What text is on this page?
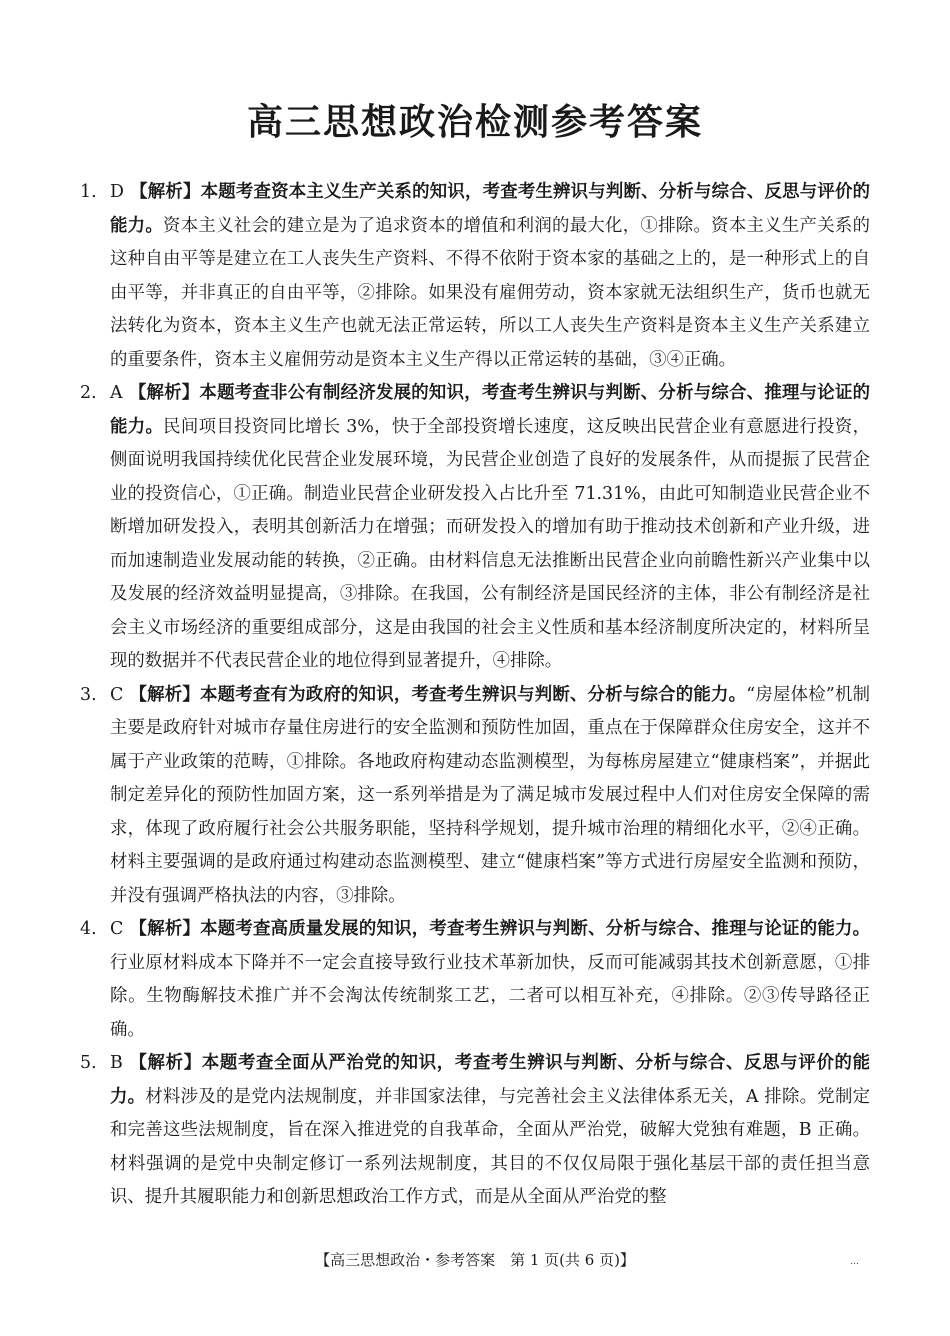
高三思想政治检测参考答案
1. D 【解析】本题考查资本主义生产关系的知识，考查考生辨识与判断、分析与综合、反思与评价的能力。资本主义社会的建立是为了追求资本的增值和利润的最大化，①排除。资本主义生产关系的这种自由平等是建立在工人丧失生产资料、不得不依附于资本家的基础之上的，是一种形式上的自由平等，并非真正的自由平等，②排除。如果没有雇佣劳动，资本家就无法组织生产，货币也就无法转化为资本，资本主义生产也就无法正常运转，所以工人丧失生产资料是资本主义生产关系建立的重要条件，资本主义雇佣劳动是资本主义生产得以正常运转的基础，③④正确。
2. A 【解析】本题考查非公有制经济发展的知识，考查考生辨识与判断、分析与综合、推理与论证的能力。民间项目投资同比增长 3%，快于全部投资增长速度，这反映出民营企业有意愿进行投资，侧面说明我国持续优化民营企业发展环境，为民营企业创造了良好的发展条件，从而提振了民营企业的投资信心，①正确。制造业民营企业研发投入占比升至 71.31%，由此可知制造业民营企业不断增加研发投入，表明其创新活力在增强；而研发投入的增加有助于推动技术创新和产业升级，进而加速制造业发展动能的转换，②正确。由材料信息无法推断出民营企业向前瞻性新兴产业集中以及发展的经济效益明显提高，③排除。在我国，公有制经济是国民经济的主体，非公有制经济是社会主义市场经济的重要组成部分，这是由我国的社会主义性质和基本经济制度所决定的，材料所呈现的数据并不代表民营企业的地位得到显著提升，④排除。
3. C 【解析】本题考查有为政府的知识，考查考生辨识与判断、分析与综合的能力。“房屋体检”机制主要是政府针对城市存量住房进行的安全监测和预防性加固，重点在于保障群众住房安全，这并不属于产业政策的范畴，①排除。各地政府构建动态监测模型，为每栋房屋建立“健康档案”，并据此制定差异化的预防性加固方案，这一系列举措是为了满足城市发展过程中人们对住房安全保障的需求，体现了政府履行社会公共服务职能，坚持科学规划，提升城市治理的精细化水平，②④正确。材料主要强调的是政府通过构建动态监测模型、建立“健康档案”等方式进行房屋安全监测和预防，并没有强调严格执法的内容，③排除。
4. C 【解析】本题考查高质量发展的知识，考查考生辨识与判断、分析与综合、推理与论证的能力。行业原材料成本下降并不一定会直接导致行业技术革新加快，反而可能减弱其技术创新意愿，①排除。生物酶解技术推广并不会淘汰传统制浆工艺，二者可以相互补充，④排除。②③传导路径正确。
5. B 【解析】本题考查全面从严治党的知识，考查考生辨识与判断、分析与综合、反思与评价的能力。材料涉及的是党内法规制度，并非国家法律，与完善社会主义法律体系无关，A 排除。党制定和完善这些法规制度，旨在深入推进党的自我革命，全面从严治党，破解大党独有难题，B 正确。材料强调的是党中央制定修订一系列法规制度，其目的不仅仅局限于强化基层干部的责任担当意识、提升其履职能力和创新思想政治工作方式，而是从全面从严治党的整
【高三思想政治・参考答案　第 1 页(共 6 页)】	…
